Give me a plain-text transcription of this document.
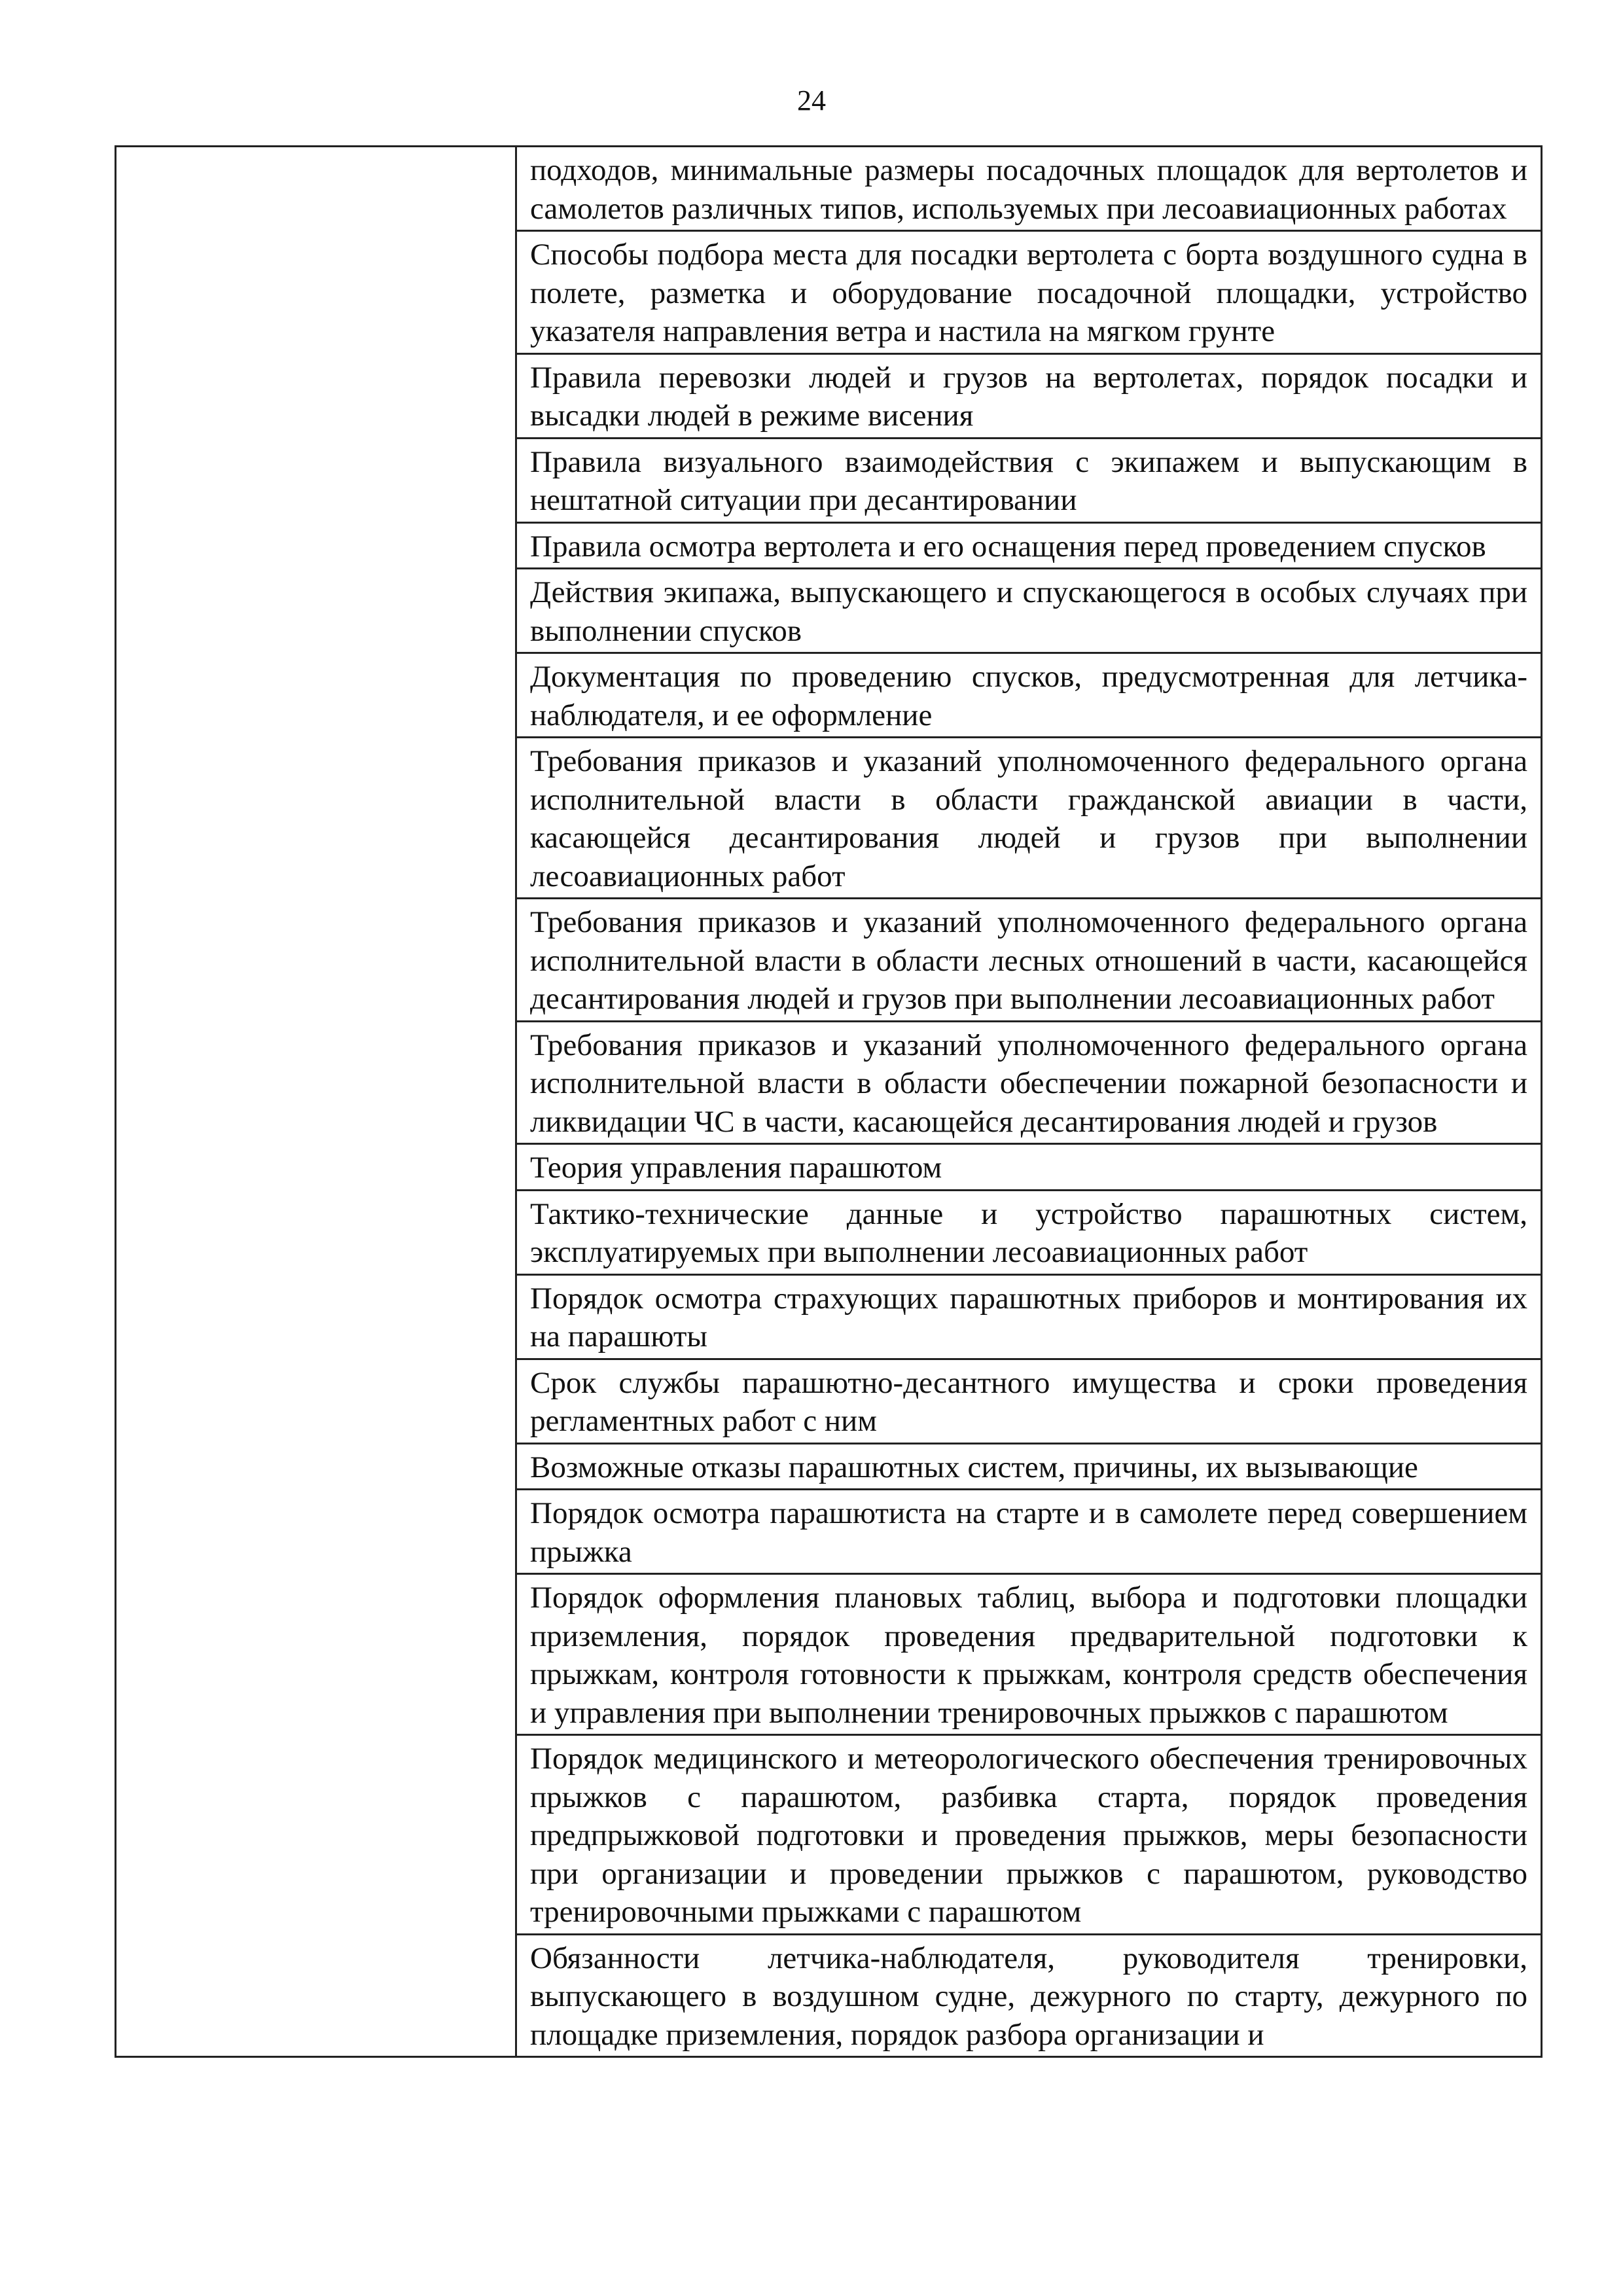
24

подходов, минимальные размеры посадочных площадок для вертолетов и самолетов различных типов, используемых при лесоавиационных работах

Способы подбора места для посадки вертолета с борта воздушного судна в полете, разметка и оборудование посадочной площадки, устройство указателя направления ветра и настила на мягком грунте

Правила перевозки людей и грузов на вертолетах, порядок посадки и высадки людей в режиме висения

Правила визуального взаимодействия с экипажем и выпускающим в нештатной ситуации при десантировании

Правила осмотра вертолета и его оснащения перед проведением спусков

Действия экипажа, выпускающего и спускающегося в особых случаях при выполнении спусков

Документация по проведению спусков, предусмотренная для летчика-наблюдателя, и ее оформление

Требования приказов и указаний уполномоченного федерального органа исполнительной власти в области гражданской авиации в части, касающейся десантирования людей и грузов при выполнении лесоавиационных работ

Требования приказов и указаний уполномоченного федерального органа исполнительной власти в области лесных отношений в части, касающейся десантирования людей и грузов при выполнении лесоавиационных работ

Требования приказов и указаний уполномоченного федерального органа исполнительной власти в области обеспечении пожарной безопасности и ликвидации ЧС в части, касающейся десантирования людей и грузов

Теория управления парашютом

Тактико-технические данные и устройство парашютных систем, эксплуатируемых при выполнении лесоавиационных работ

Порядок осмотра страхующих парашютных приборов и монтирования их на парашюты

Срок службы парашютно-десантного имущества и сроки проведения регламентных работ с ним

Возможные отказы парашютных систем, причины, их вызывающие

Порядок осмотра парашютиста на старте и в самолете перед совершением прыжка

Порядок оформления плановых таблиц, выбора и подготовки площадки приземления, порядок проведения предварительной подготовки к прыжкам, контроля готовности к прыжкам, контроля средств обеспечения и управления при выполнении тренировочных прыжков с парашютом

Порядок медицинского и метеорологического обеспечения тренировочных прыжков с парашютом, разбивка старта, порядок проведения предпрыжковой подготовки и проведения прыжков, меры безопасности при организации и проведении прыжков с парашютом, руководство тренировочными прыжками с парашютом

Обязанности летчика-наблюдателя, руководителя тренировки, выпускающего в воздушном судне, дежурного по старту, дежурного по площадке приземления, порядок разбора организации и
